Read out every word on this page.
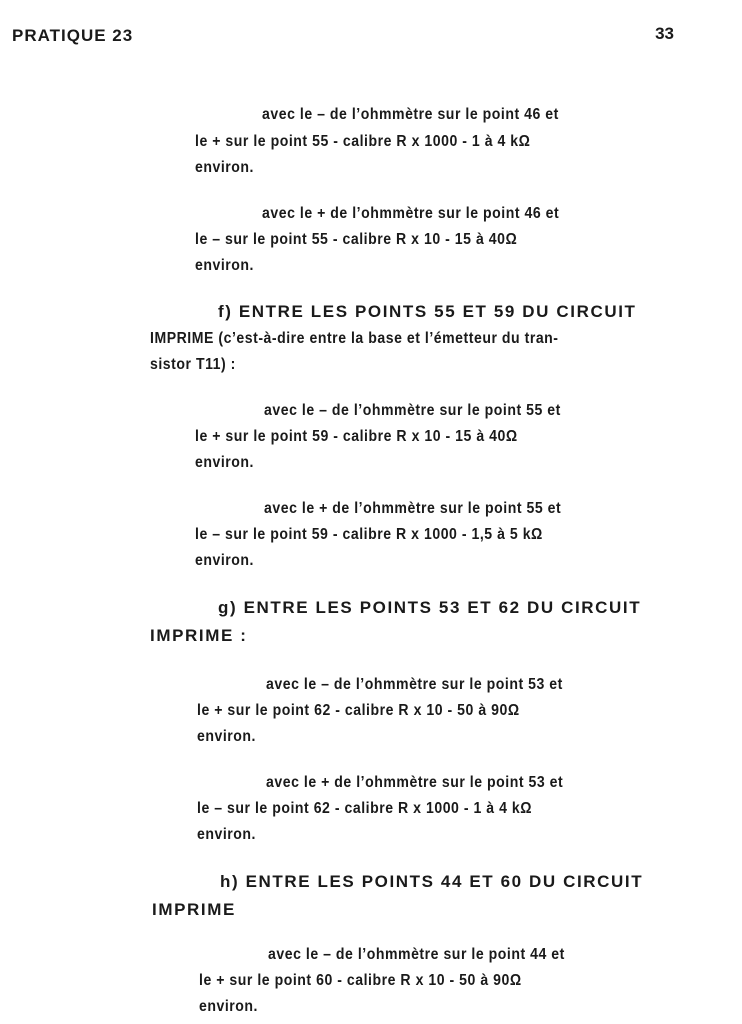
PRATIQUE 23	33
avec le – de l’ohmmètre sur le point 46 et
le + sur le point 55 - calibre R x 1000 - 1 à 4 kΩ
environ.
avec le + de l’ohmmètre sur le point 46 et
le – sur le point 55 - calibre R x 10 - 15 à 40Ω
environ.
f) ENTRE LES POINTS 55 ET 59 DU CIRCUIT
IMPRIME (c’est-à-dire entre la base et l’émetteur du tran-
sistor T11) :
avec le – de l’ohmmètre sur le point 55 et
le + sur le point 59 - calibre R x 10 - 15 à 40Ω
environ.
avec le + de l’ohmmètre sur le point 55 et
le – sur le point 59 - calibre R x 1000 - 1,5 à 5 kΩ
environ.
g) ENTRE LES POINTS 53 ET 62 DU CIRCUIT
IMPRIME :
avec le – de l’ohmmètre sur le point 53 et
le + sur le point 62 - calibre R x 10 - 50 à 90Ω
environ.
avec le + de l’ohmmètre sur le point 53 et
le – sur le point 62 - calibre R x 1000 - 1 à 4 kΩ
environ.
h) ENTRE LES POINTS 44 ET 60 DU CIRCUIT
IMPRIME
avec le – de l’ohmmètre sur le point 44 et
le + sur le point 60 - calibre R x 10 - 50 à 90Ω
environ.
